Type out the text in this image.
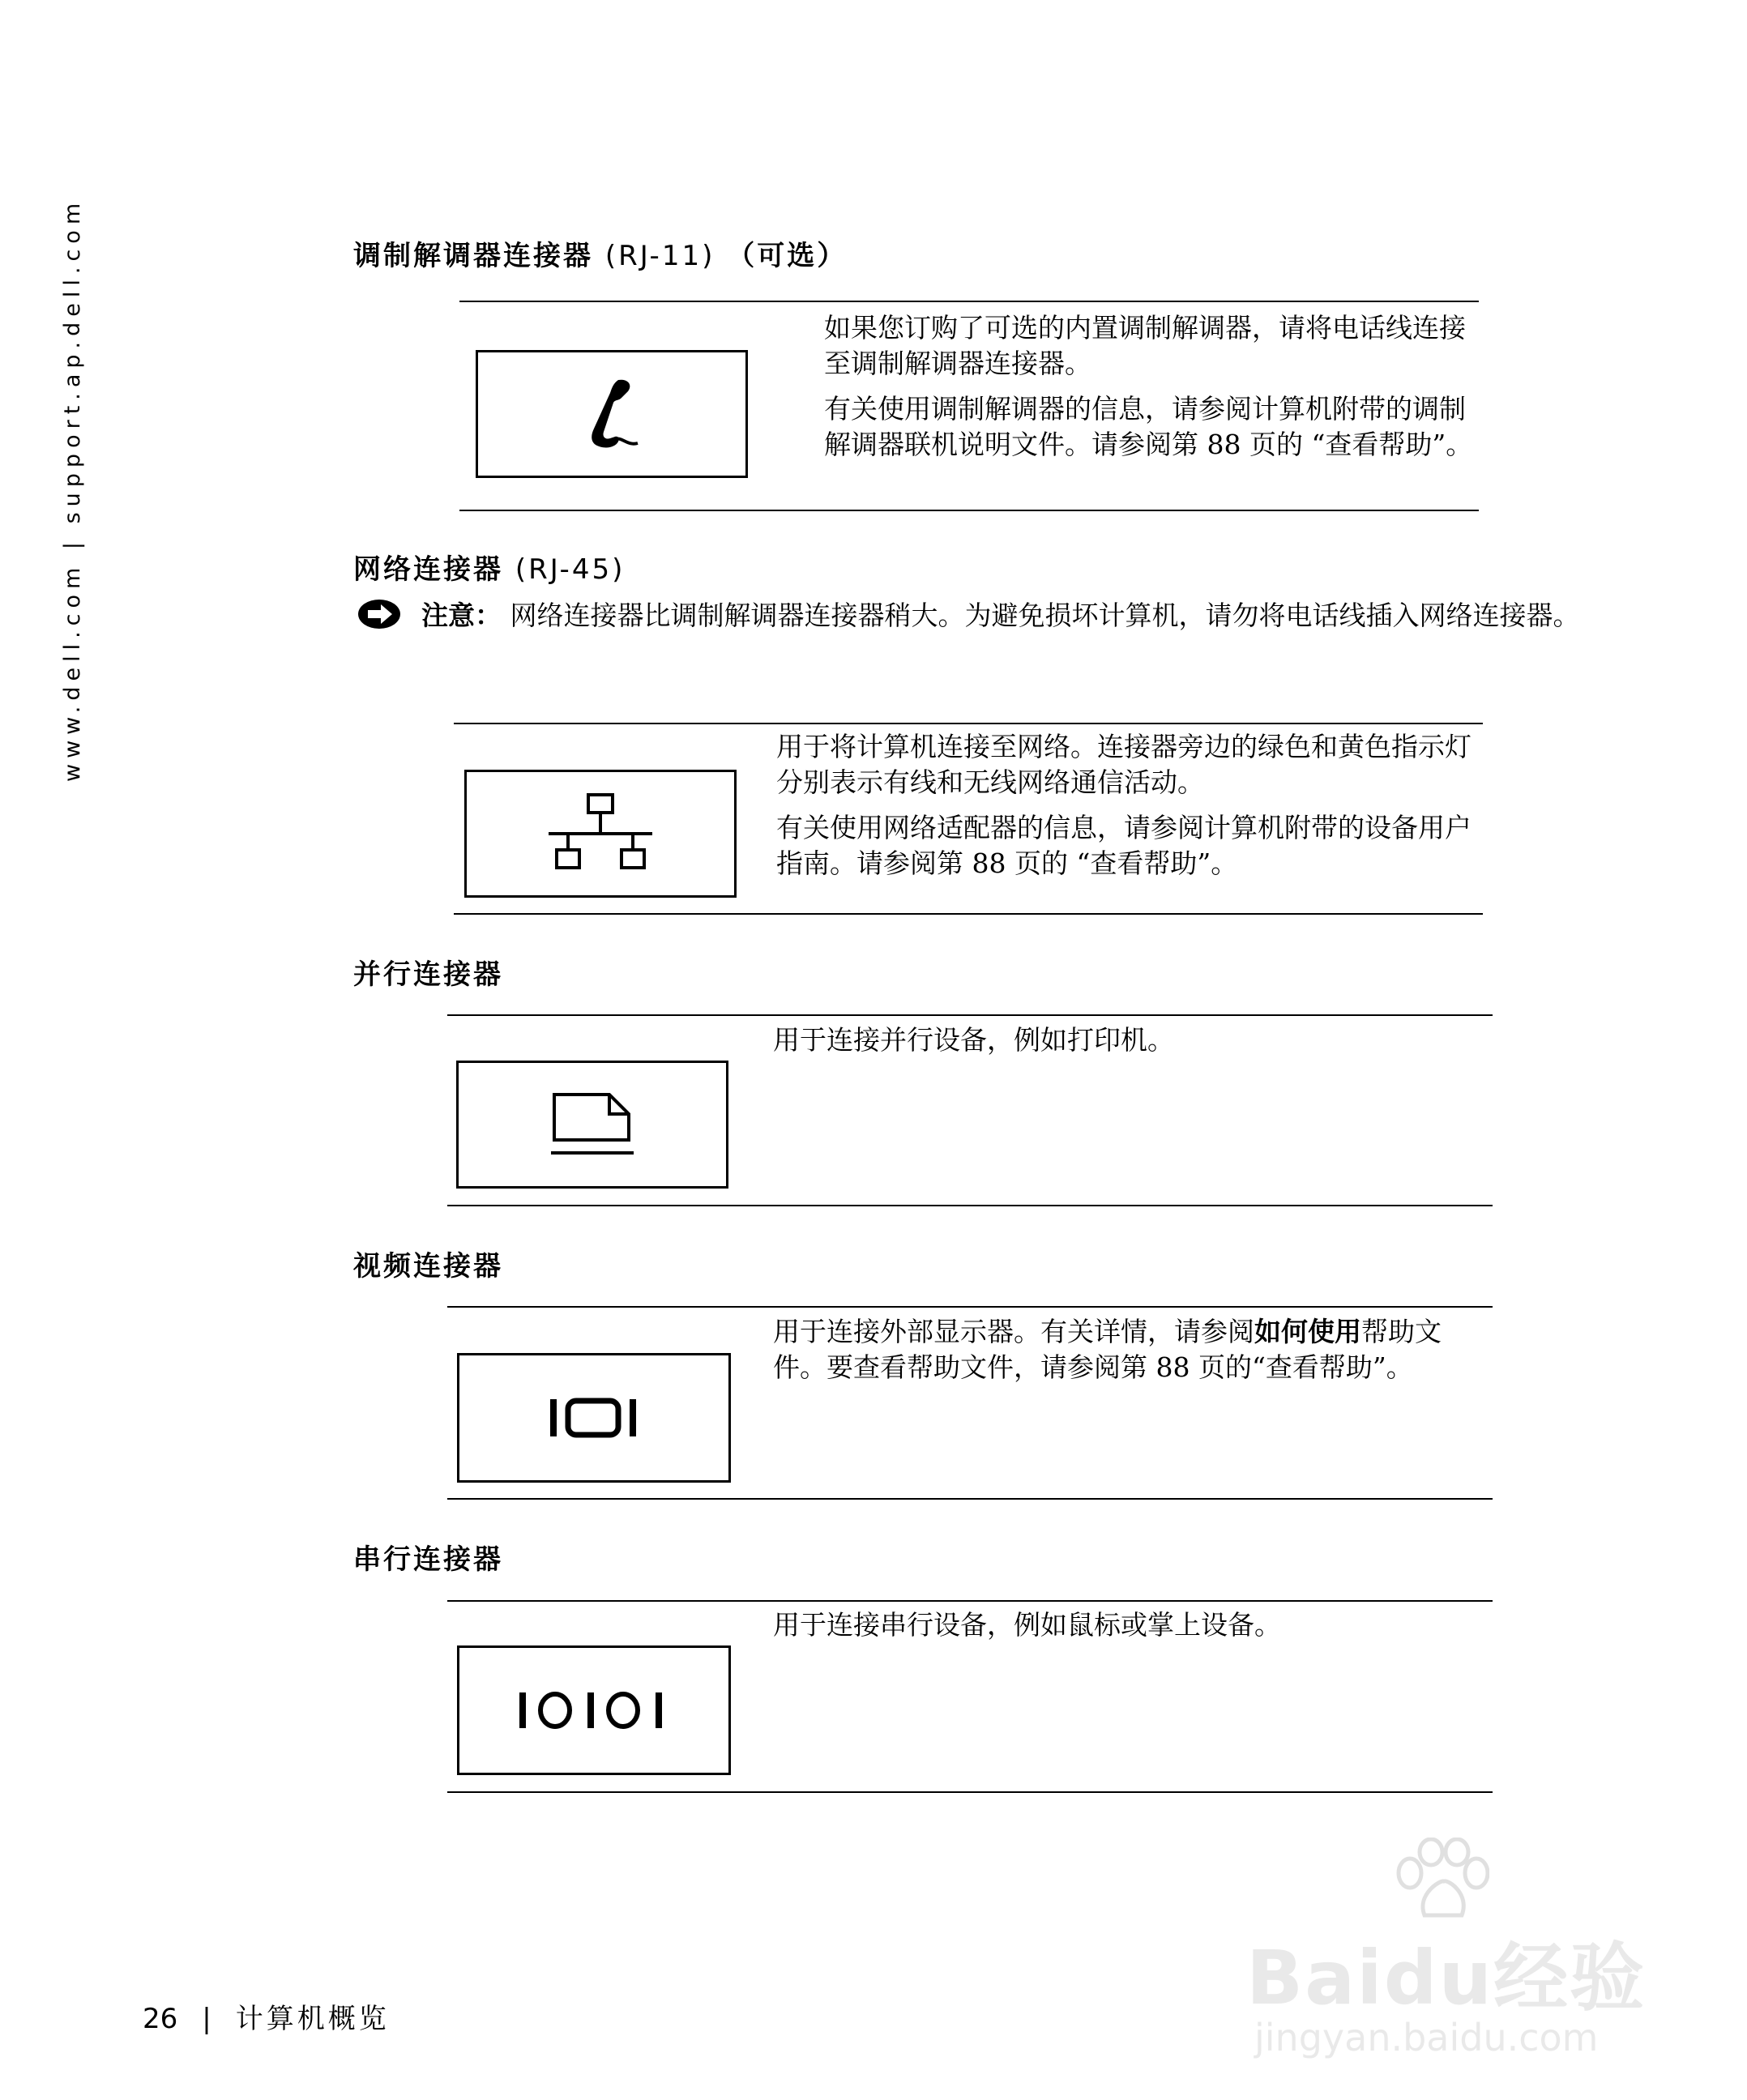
www.dell.com | support.ap.dell.com	调制解调器连接器 (RJ-11) （可选）

如果您订购了可选的内置调制解调器，请将电话线连接至调制解调器连接器。

有关使用调制解调器的信息，请参阅计算机附带的调制解调器联机说明文件。请参阅第 88 页的 “查看帮助”。

网络连接器 (RJ-45)
注意： 网络连接器比调制解调器连接器稍大。为避免损坏计算机，请勿将电话线插入网络连接器。

用于将计算机连接至网络。连接器旁边的绿色和黄色指示灯分别表示有线和无线网络通信活动。

有关使用网络适配器的信息，请参阅计算机附带的设备用户指南。请参阅第 88 页的 “查看帮助”。

并行连接器

用于连接并行设备，例如打印机。

视频连接器

用于连接外部显示器。有关详情，请参阅如何使用帮助文件。要查看帮助文件，请参阅第 88 页的“查看帮助”。

串行连接器

用于连接串行设备，例如鼠标或掌上设备。

26 | 计算机概览	Baidu经验
jingyan.baidu.com
